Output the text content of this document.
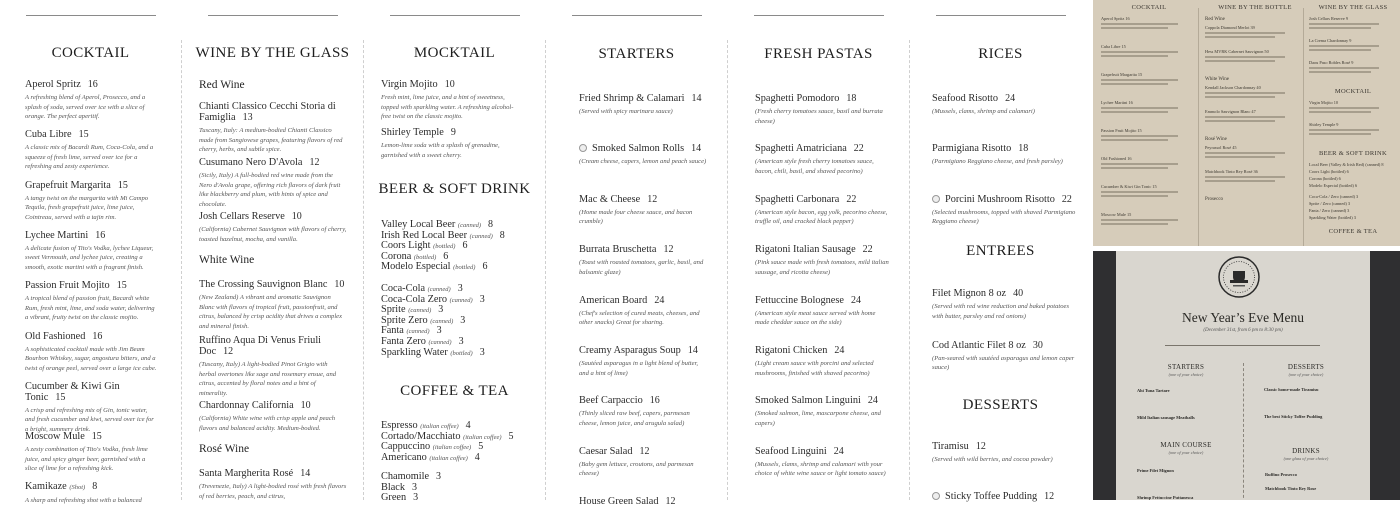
COCKTAIL
Aperol Spritz 16
A refreshing blend of Aperol, Prosecco, and a splash of soda, served over ice with a slice of orange. The perfect aperitif.
Cuba Libre 15
A classic mix of Bacardi Rum, Coca-Cola, and a squeeze of fresh lime, served over ice for a refreshing and zesty experience.
Grapefruit Margarita 15
A tangy twist on the margarita with Mi Campo Tequila, fresh grapefruit juice, lime juice, Cointreau, served with a tajin rim.
Lychee Martini 16
A delicate fusion of Tito's Vodka, lychee Liqueur, sweet Vermouth, and lychee juice, creating a smooth, exotic martini with a fragrant finish.
Passion Fruit Mojito 15
A tropical blend of passion fruit, Bacardi white Rum, fresh mint, lime, and soda water, delivering a vibrant, fruity twist on the classic mojito.
Old Fashioned 16
A sophisticated cocktail made with Jim Beam Bourbon Whiskey, sugar, angostura bitters, and a twist of orange peel, served over a large ice cube.
Cucumber & Kiwi Gin Tonic 15
A crisp and refreshing mix of Gin, tonic water, and fresh cucumber and kiwi, served over ice for a bright, summery drink.
Moscow Mule 15
A zesty combination of Tito's Vodka, fresh lime juice, and spicy ginger beer, garnished with a slice of lime for a refreshing kick.
Kamikaze (Shot) 8
A sharp and refreshing shot with a balanced
WINE BY THE GLASS
Red Wine
Chianti Classico Cecchi Storia di Famiglia 13
Tuscany, Italy: A medium-bodied Chianti Classico made from Sangiovese grapes, featuring flavors of red cherry, herbs, and subtle spice.
Cusumano Nero D'Avola 12
(Sicily, Italy) A full-bodied red wine made from the Nero d'Avola grape, offering rich flavors of dark fruit like blackberry and plum, with hints of spice and chocolate.
Josh Cellars Reserve 10
(California) Cabernet Sauvignon with flavors of cherry, toasted hazelnut, mocha, and vanilla.
White Wine
The Crossing Sauvignon Blanc 10
(New Zealand) A vibrant and aromatic Sauvignon Blanc with flavors of tropical fruit, passionfruit, and citrus, balanced by crisp acidity that drives a complex and mineral finish.
Ruffino Aqua Di Venus Friuli Doc 12
(Tuscany, Italy) A light-bodied Pinot Grigio with herbal overtones like sage and rosemary ensue, and citrus, accented by floral notes and a hint of minerality.
Chardonnay California 10
(California) White wine with crisp apple and peach flavors and balanced acidity. Medium-bodied.
Rosé Wine
Santa Margherita Rosé 14
(Trevenezie, Italy) A light-bodied rosé with fresh flavors of red berries, peach, and citrus,
MOCKTAIL
Virgin Mojito 10
Fresh mint, lime juice, and a hint of sweetness, topped with sparkling water. A refreshing alcohol-free twist on the classic mojito.
Shirley Temple 9
Lemon-lime soda with a splash of grenadine, garnished with a sweet cherry.
BEER & SOFT DRINK
Valley Local Beer (canned) 8
Irish Red Local Beer (canned) 8
Coors Light (bottled) 6
Corona (bottled) 6
Modelo Especial (bottled) 6
Coca-Cola (canned) 3
Coca-Cola Zero (canned) 3
Sprite (canned) 3
Sprite Zero (canned) 3
Fanta (canned) 3
Fanta Zero (canned) 3
Sparkling Water (bottled) 3
COFFEE & TEA
Espresso (italian coffee) 4
Cortado/Macchiato (italian coffee) 5
Cappuccino (italian coffee) 5
Americano (italian coffee) 4
Chamomile 3
Black 3
Green 3
STARTERS
Fried Shrimp & Calamari 14
(Served with spicy marinara sauce)
Smoked Salmon Rolls 14
(Cream cheese, capers, lemon and peach sauce)
Mac & Cheese 12
(Home made four cheese sauce, and bacon crumble)
Burrata Bruschetta 12
(Toast with roasted tomatoes, garlic, basil, and balsamic glaze)
American Board 24
(Chef's selection of cured meats, cheeses, and other snacks) Great for sharing.
Creamy Asparagus Soup 14
(Sautéed asparagus in a light blend of butter, and a hint of lime)
Beef Carpaccio 16
(Thinly sliced raw beef, capers, parmesan cheese, lemon juice, and arugula salad)
Caesar Salad 12
(Baby gem lettuce, croutons, and parmesan cheese)
House Green Salad 12
FRESH PASTAS
Spaghetti Pomodoro 18
(Fresh cherry tomatoes sauce, basil and burrata cheese)
Spaghetti Amatriciana 22
(American style fresh cherry tomatoes sauce, bacon, chili, basil, and shaved pecorino)
Spaghetti Carbonara 22
(American style bacon, egg yolk, pecorino cheese, truffle oil, and cracked black pepper)
Rigatoni Italian Sausage 22
(Pink sauce made with fresh tomatoes, mild italian sausage, and ricotta cheese)
Fettuccine Bolognese 24
(American style meat sauce served with home made cheddar sauce on the side)
Rigatoni Chicken 24
(Light cream sauce with porcini and selected mushrooms, finished with shaved pecorino)
Smoked Salmon Linguini 24
(Smoked salmon, lime, mascarpone cheese, and capers)
Seafood Linguini 24
(Mussels, clams, shrimp and calamari with your choice of white wine sauce or light tomato sauce)
RICES
Seafood Risotto 24
(Mussels, clams, shrimp and calamari)
Parmigiana Risotto 18
(Parmigiano Reggiano cheese, and fresh parsley)
Porcini Mushroom Risotto 22
(Selected mushrooms, topped with shaved Parmigiano Reggiano cheese)
ENTREES
Filet Mignon 8 oz 40
(Served with red wine reduction and baked potatoes with butter, parsley and red onions)
Cod Atlantic Filet 8 oz 30
(Pan-seared with sautéed asparagus and lemon caper sauce)
DESSERTS
Tiramisu 12
(Served with wild berries, and cocoa powder)
Sticky Toffee Pudding 12
COCKTAIL
Aperol Spritz 16
Cuba Libre 15
Grapefruit Margarita 15
Lychee Martini 16
Passion Fruit Mojito 15
Old Fashioned 16
Cucumber & Kiwi Gin Tonic 15
Moscow Mule 15
WINE BY THE BOTTLE
Red Wine
Coppola Diamond Merlot 39
Hess MVRK Cabernet Sauvignon 50
White Wine
Kendall Jackson Chardonnay 40
Emmolo Sauvignon Blanc 47
Rosé Wine
Peyrassol Rosé 45
Matchbook Tinto Rey Rosé 36
Prosecco
WINE BY THE GLASS
Josh Cellars Reserve 9
La Crema Chardonnay 9
Daou Paso Robles Rosé 9
MOCKTAIL
Virgin Mojito 10
Shirley Temple 9
BEER & SOFT DRINK
Local Beer (Valley & Irish Red) (canned) 8
Coors Light (bottled) 6
Corona (bottled) 6
Modelo Especial (bottled) 6
Coca-Cola / Zero (canned) 3
Sprite / Zero (canned) 3
Fanta / Zero (canned) 3
Sparkling Water (bottled) 3
COFFEE & TEA
New Year’s Eve Menu
(December 31st, from 6 pm to 8:30 pm)
STARTERS
(one of your choice)
Ahi Tuna Tartare
Mild Italian sausage Meatballs
MAIN COURSE
(one of your choice)
Prime Filet Mignon
Shrimp Fettuccine Puttanesca
DESSERTS
(one of your choice)
Classic home-made Tiramisu
The best Sticky Toffee Pudding
DRINKS
(one glass of your choice)
Ruffino Prosecco
Matchbook Tinto Rey Rose
